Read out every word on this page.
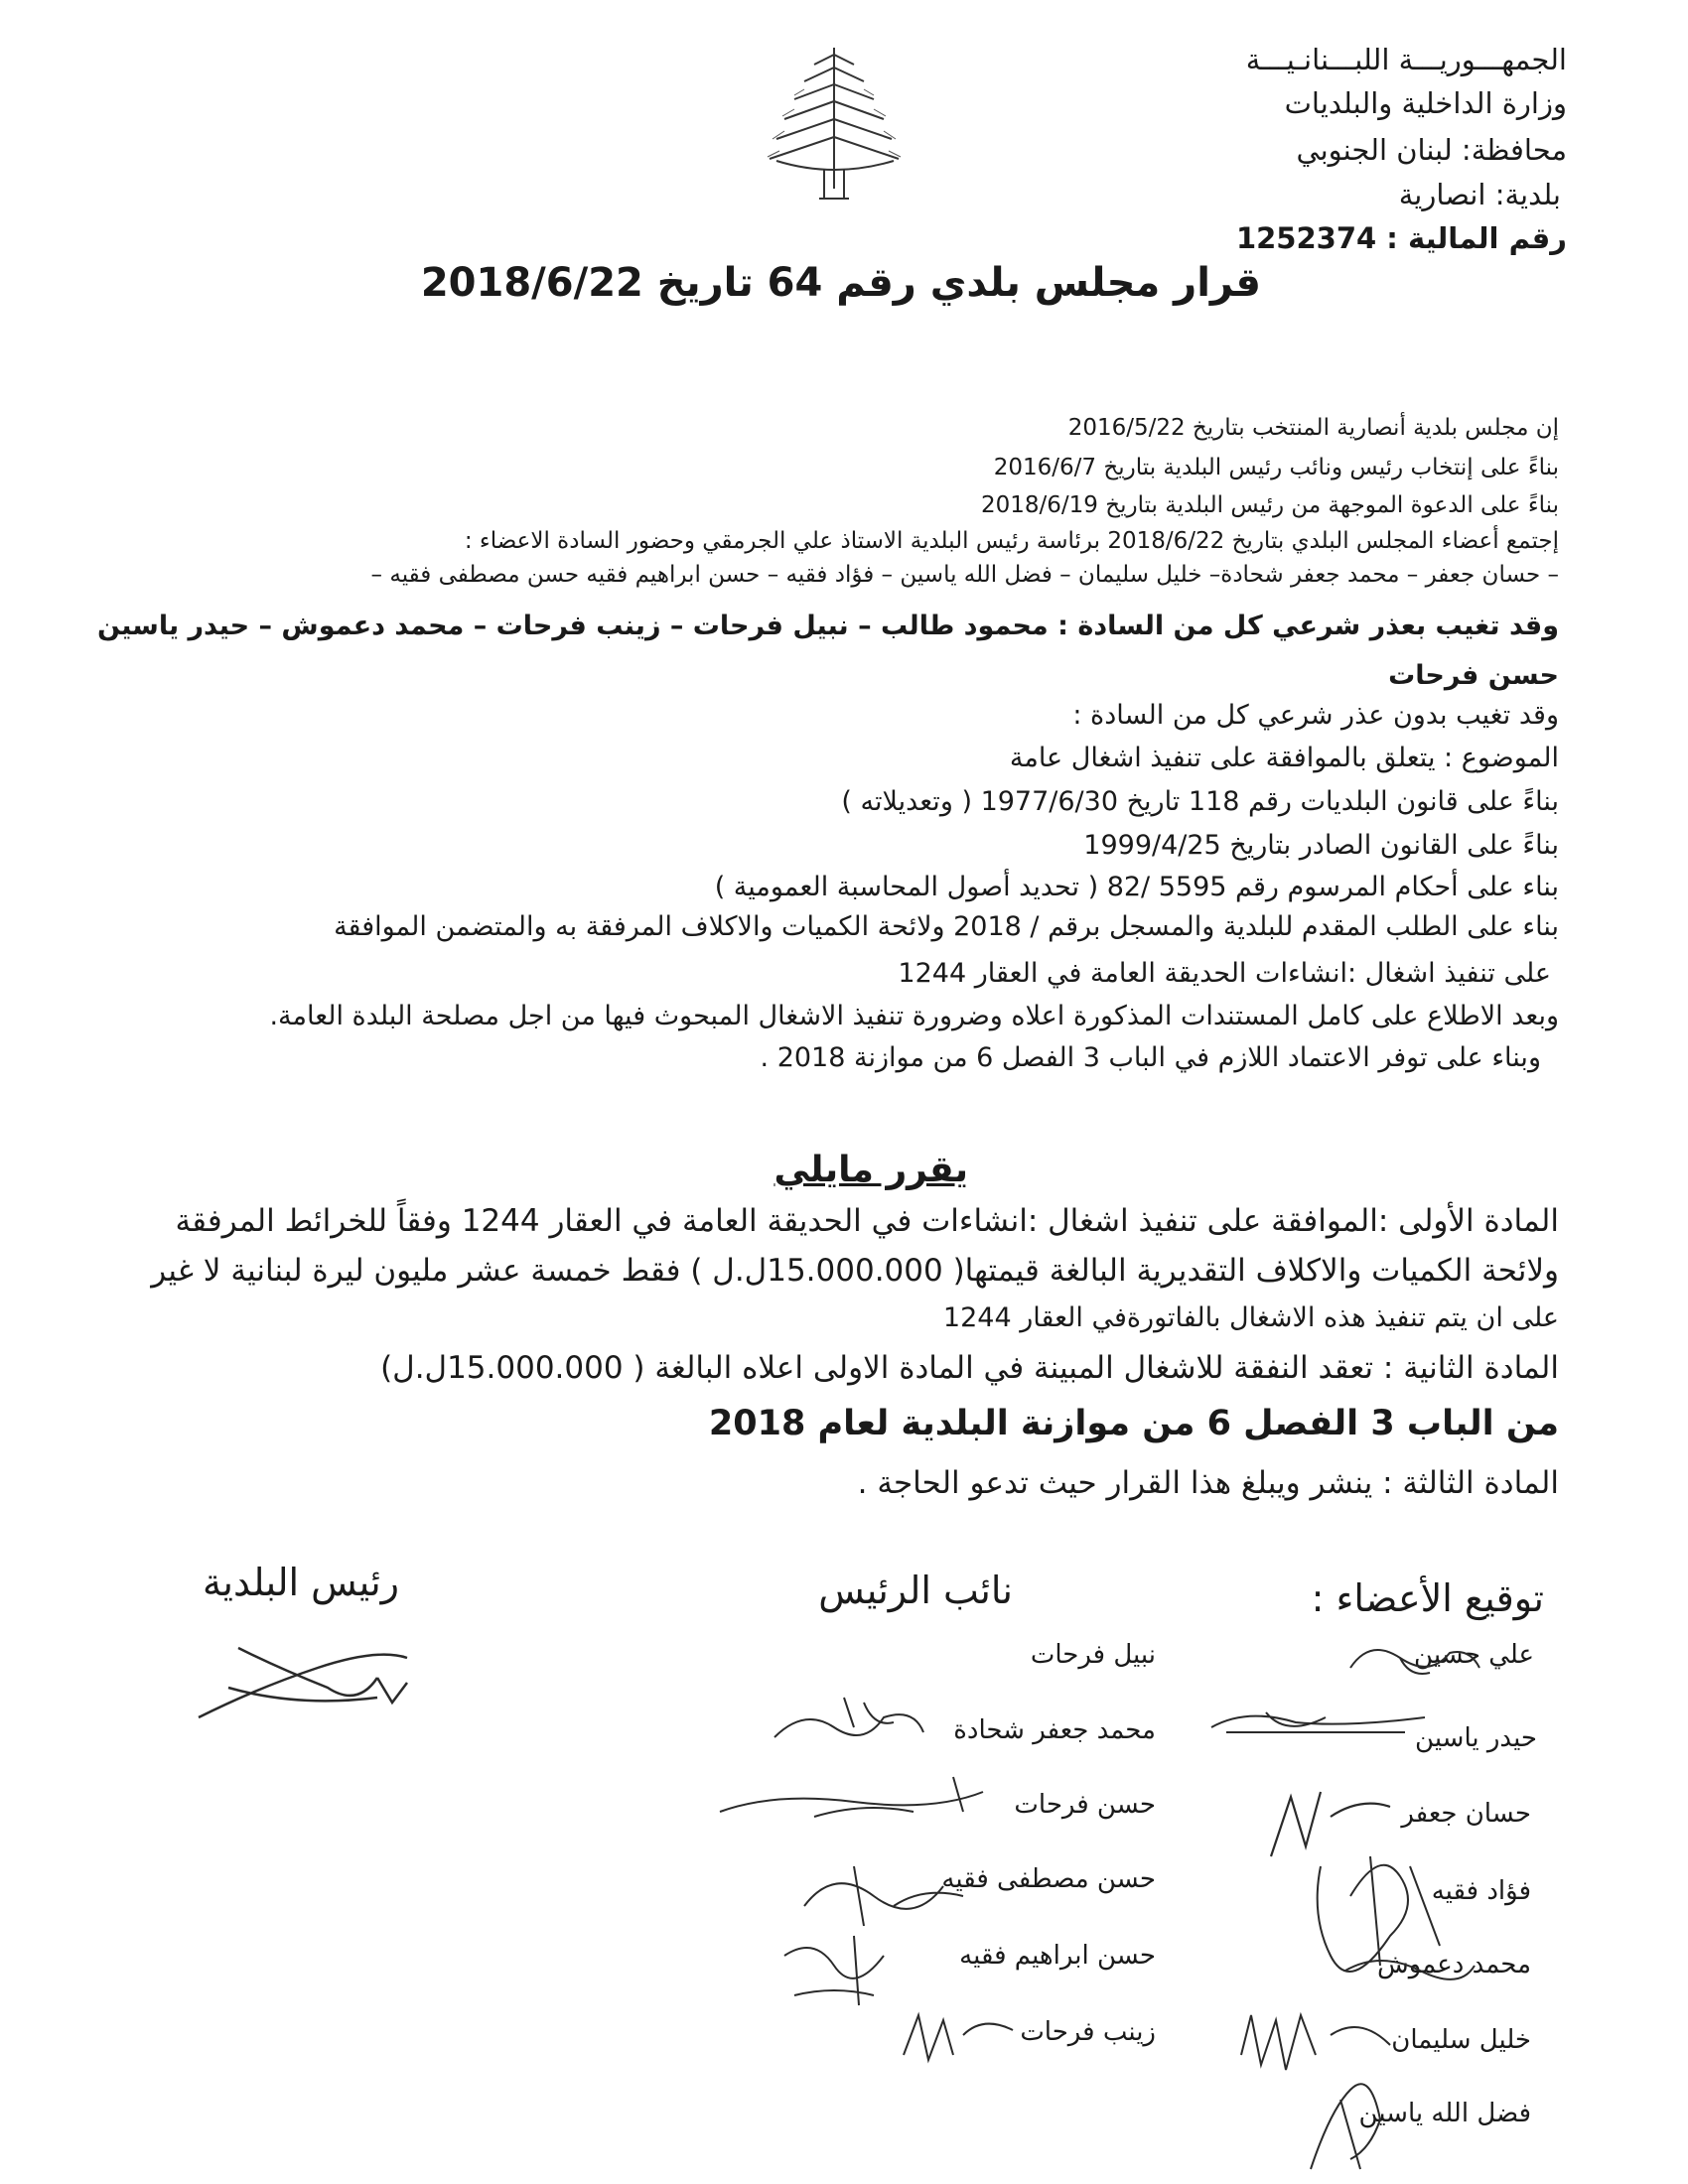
الجمهـــوريـــة اللبـــنانـيـــة
وزارة الداخلية والبلديات
محافظة: لبنان الجنوبي
بلدية: انصارية
رقم المالية : 1252374
قرار مجلس بلدي رقم 64 تاريخ 2018/6/22
إن مجلس بلدية أنصارية المنتخب بتاريخ 2016/5/22
بناءً على إنتخاب رئيس ونائب رئيس البلدية بتاريخ 2016/6/7
بناءً على الدعوة الموجهة من رئيس البلدية بتاريخ 2018/6/19
إجتمع أعضاء المجلس البلدي بتاريخ 2018/6/22 برئاسة رئيس البلدية الاستاذ علي الجرمقي وحضور السادة الاعضاء :
– حسان جعفر – محمد جعفر شحادة– خليل سليمان – فضل الله ياسين – فؤاد فقيه – حسن ابراهيم فقيه حسن مصطفى فقيه –
وقد تغيب بعذر شرعي كل من السادة : محمود طالب – نبيل فرحات – زينب فرحات – محمد دعموش – حيدر ياسين
حسن فرحات
وقد تغيب بدون عذر شرعي كل من السادة :
الموضوع : يتعلق بالموافقة على تنفيذ اشغال عامة
بناءً على قانون البلديات رقم 118 تاريخ 1977/6/30 ( وتعديلاته )
بناءً على القانون الصادر بتاريخ 1999/4/25
بناء على أحكام المرسوم رقم 5595 /82 ( تحديد أصول المحاسبة العمومية )
بناء على الطلب المقدم للبلدية والمسجل برقم / 2018 ولائحة الكميات والاكلاف المرفقة به والمتضمن الموافقة
على تنفيذ اشغال :انشاءات الحديقة العامة في العقار 1244
وبعد الاطلاع على كامل المستندات المذكورة اعلاه وضرورة تنفيذ الاشغال المبحوث فيها من اجل مصلحة البلدة العامة.
وبناء على توفر الاعتماد اللازم في الباب 3 الفصل 6 من موازنة 2018 .
يقرر مايلي
المادة الأولى :الموافقة على تنفيذ اشغال :انشاءات في الحديقة العامة في العقار 1244 وفقاً للخرائط المرفقة
ولائحة الكميات والاكلاف التقديرية البالغة قيمتها( 15.000.000ل.ل ) فقط خمسة عشر مليون ليرة لبنانية لا غير
على ان يتم تنفيذ هذه الاشغال بالفاتورةفي العقار 1244
المادة الثانية : تعقد النفقة للاشغال المبينة في المادة الاولى اعلاه البالغة ( 15.000.000ل.ل)
من الباب 3 الفصل 6 من موازنة البلدية لعام 2018
المادة الثالثة : ينشر ويبلغ هذا القرار حيث تدعو الحاجة .
توقيع الأعضاء :
نائب الرئيس
رئيس البلدية
علي حسين
حيدر ياسين
حسان جعفر
فؤاد فقيه
محمد دعموش
خليل سليمان
فضل الله ياسين
نبيل فرحات
محمد جعفر شحادة
حسن فرحات
حسن مصطفى فقيه
حسن ابراهيم فقيه
زينب فرحات
